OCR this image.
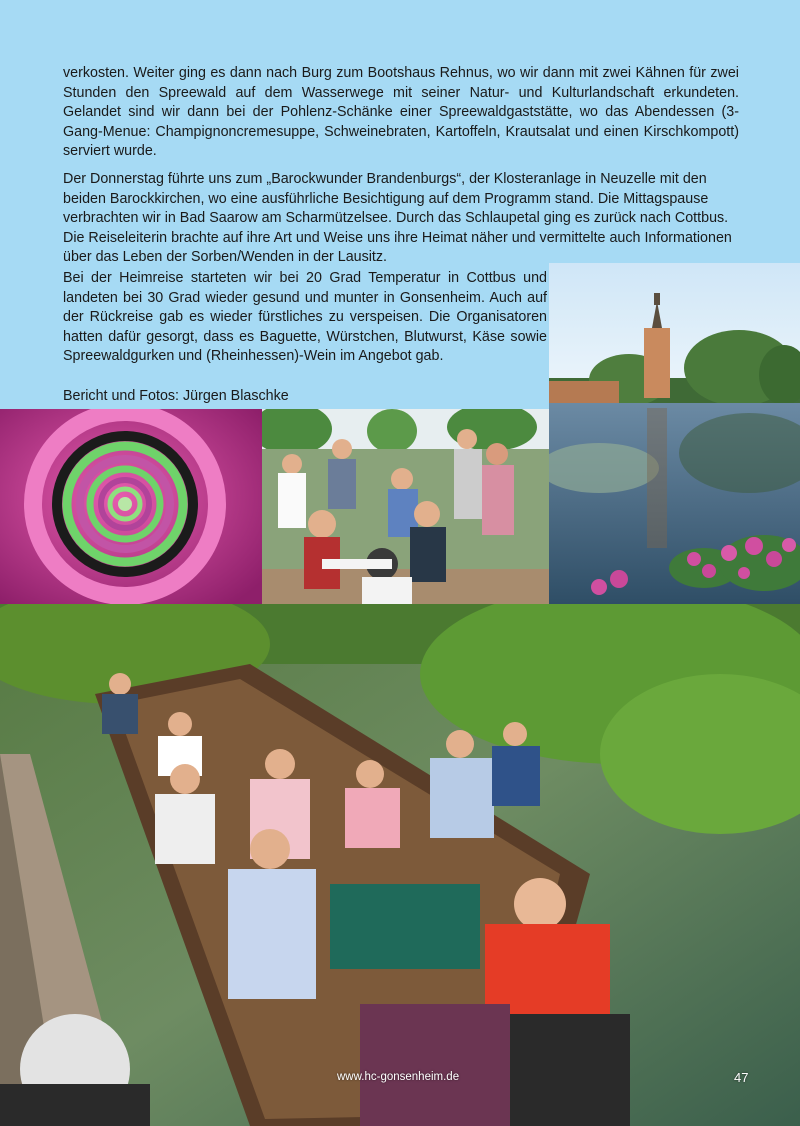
verkosten. Weiter ging es dann nach Burg zum Bootshaus Rehnus, wo wir dann mit zwei Kähnen für zwei Stunden den Spreewald auf dem Wasserwege mit seiner Natur- und Kulturlandschaft erkundeten. Gelandet sind wir dann bei der Pohlenz-Schänke einer Spreewaldgaststätte, wo das Abendessen (3-Gang-Menue: Champignoncremesuppe, Schweinebraten, Kartoffeln, Krautsalat und einen Kirschkompott) serviert wurde.

Der Donnerstag führte uns zum „Barockwunder Brandenburgs“, der Klosteranlage in Neuzelle mit den beiden Barockkirchen, wo eine ausführliche Besichtigung auf dem Programm stand. Die Mittagspause verbrachten wir in Bad Saarow am Scharmützelsee. Durch das Schlaupetal ging es zurück nach Cottbus. Die Reiseleiterin brachte auf ihre Art und Weise uns ihre Heimat näher und vermittelte auch Informationen über das Leben der Sorben/Wenden in der Lausitz.

Bei der Heimreise starteten wir bei 20 Grad Temperatur in Cottbus und landeten bei 30 Grad wieder gesund und munter in Gonsenheim. Auch auf der Rückreise gab es wieder fürstliches zu verspeisen. Die Organisatoren hatten dafür gesorgt, dass es Baguette, Würstchen, Blutwurst, Käse sowie Spreewaldgurken und (Rheinhessen)-Wein im Angebot gab.

Bericht und Fotos: Jürgen Blaschke
www.hc-gonsenheim.de	47
